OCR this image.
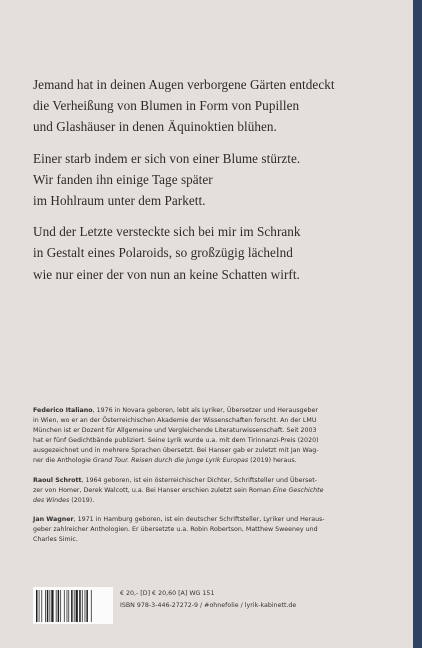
Jemand hat in deinen Augen verborgene Gärten entdeckt
die Verheißung von Blumen in Form von Pupillen
und Glashäuser in denen Äquinoktien blühen.
Einer starb indem er sich von einer Blume stürzte.
Wir fanden ihn einige Tage später
im Hohlraum unter dem Parkett.
Und der Letzte versteckte sich bei mir im Schrank
in Gestalt eines Polaroids, so großzügig lächelnd
wie nur einer der von nun an keine Schatten wirft.
Federico Italiano, 1976 in Novara geboren, lebt als Lyriker, Übersetzer und Herausgeber
in Wien, wo er an der Österreichischen Akademie der Wissenschaften forscht. An der LMU
München ist er Dozent für Allgemeine und Vergleichende Literaturwissenschaft. Seit 2003
hat er fünf Gedichtbände publiziert. Seine Lyrik wurde u.a. mit dem Tirinnanzi-Preis (2020)
ausgezeichnet und in mehrere Sprachen übersetzt. Bei Hanser gab er zuletzt mit Jan Wag-
ner die Anthologie Grand Tour. Reisen durch die junge Lyrik Europas (2019) heraus.
Raoul Schrott, 1964 geboren, ist ein österreichischer Dichter, Schriftsteller und Überset-
zer von Homer, Derek Walcott, u.a. Bei Hanser erschien zuletzt sein Roman Eine Geschichte
des Windes (2019).
Jan Wagner, 1971 in Hamburg geboren, ist ein deutscher Schriftsteller, Lyriker und Heraus-
geber zahlreicher Anthologien. Er übersetzte u.a. Robin Robertson, Matthew Sweeney und
Charles Simic.
€ 20,- [D] € 20,60 [A] WG 151
ISBN 978-3-446-27272-9 / #ohnefolie / lyrik-kabinett.de
